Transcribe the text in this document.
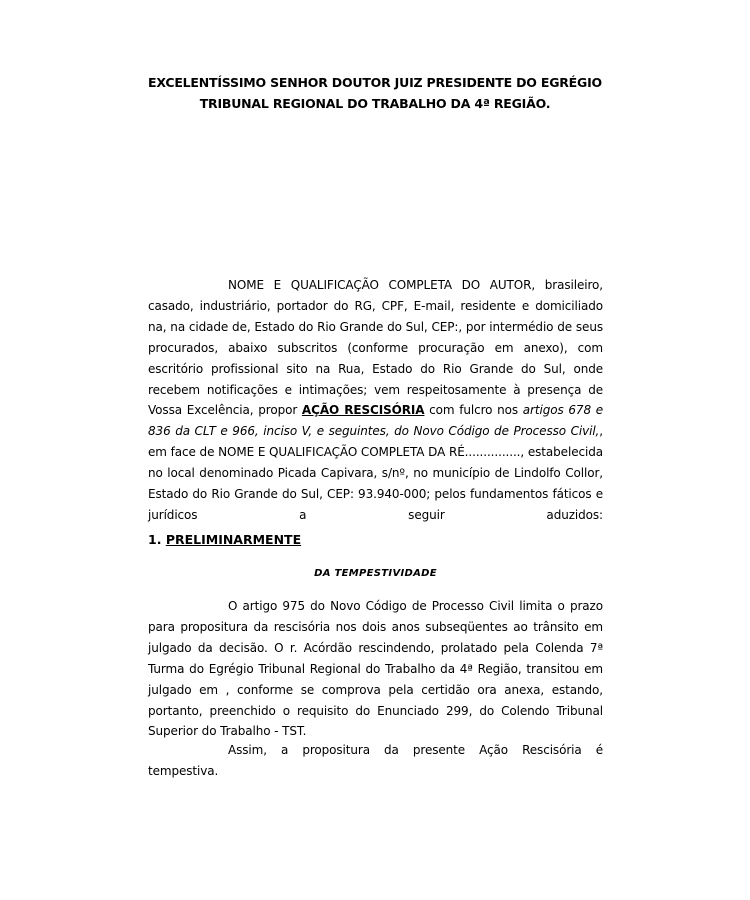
EXCELENTÍSSIMO SENHOR DOUTOR JUIZ PRESIDENTE DO EGRÉGIO
TRIBUNAL REGIONAL DO TRABALHO DA 4ª REGIÃO.

NOME E QUALIFICAÇÃO COMPLETA DO AUTOR, brasileiro, casado, industriário, portador do RG, CPF, E-mail, residente e domiciliado na, na cidade de, Estado do Rio Grande do Sul, CEP:, por intermédio de seus procurados, abaixo subscritos (conforme procuração em anexo), com escritório profissional sito na Rua, Estado do Rio Grande do Sul, onde recebem notificações e intimações; vem respeitosamente à presença de Vossa Excelência, propor AÇÃO RESCISÓRIA com fulcro nos artigos 678 e 836 da CLT e 966, inciso V, e seguintes, do Novo Código de Processo Civil,, em face de NOME E QUALIFICAÇÃO COMPLETA DA RÉ..............., estabelecida no local denominado Picada Capivara, s/nº, no município de Lindolfo Collor, Estado do Rio Grande do Sul, CEP: 93.940-000; pelos fundamentos fáticos e jurídicos a seguir aduzidos:

1. PRELIMINARMENTE
DA TEMPESTIVIDADE

O artigo 975 do Novo Código de Processo Civil limita o prazo para propositura da rescisória nos dois anos subseqüentes ao trânsito em julgado da decisão. O r. Acórdão rescindendo, prolatado pela Colenda 7ª Turma do Egrégio Tribunal Regional do Trabalho da 4ª Região, transitou em julgado em , conforme se comprova pela certidão ora anexa, estando, portanto, preenchido o requisito do Enunciado 299, do Colendo Tribunal Superior do Trabalho - TST.

Assim, a propositura da presente Ação Rescisória é tempestiva.
